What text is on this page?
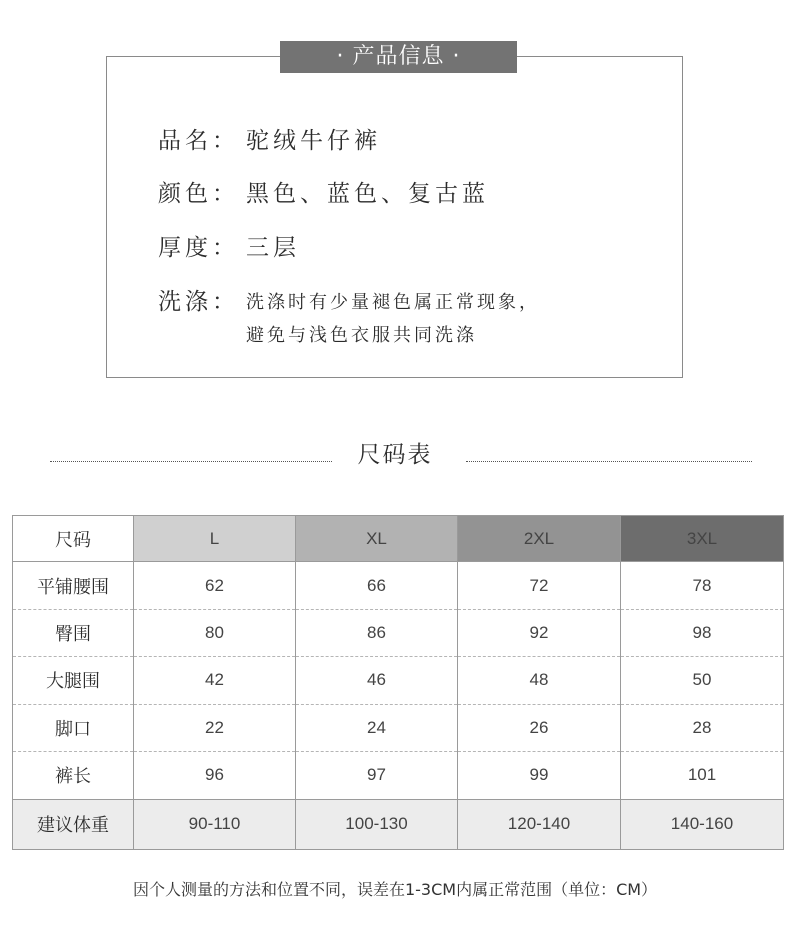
· 产品信息 ·
品名： 驼绒牛仔裤
颜色： 黑色、蓝色、复古蓝
厚度： 三层
洗涤： 洗涤时有少量褪色属正常现象，
避免与浅色衣服共同洗涤
尺码表
尺码	L	XL	2XL	3XL
平铺腰围	62	66	72	78
臀围	80	86	92	98
大腿围	42	46	48	50
脚口	22	24	26	28
裤长	96	97	99	101
建议体重	90-110	100-130	120-140	140-160
因个人测量的方法和位置不同，误差在1-3CM内属正常范围（单位：CM）
